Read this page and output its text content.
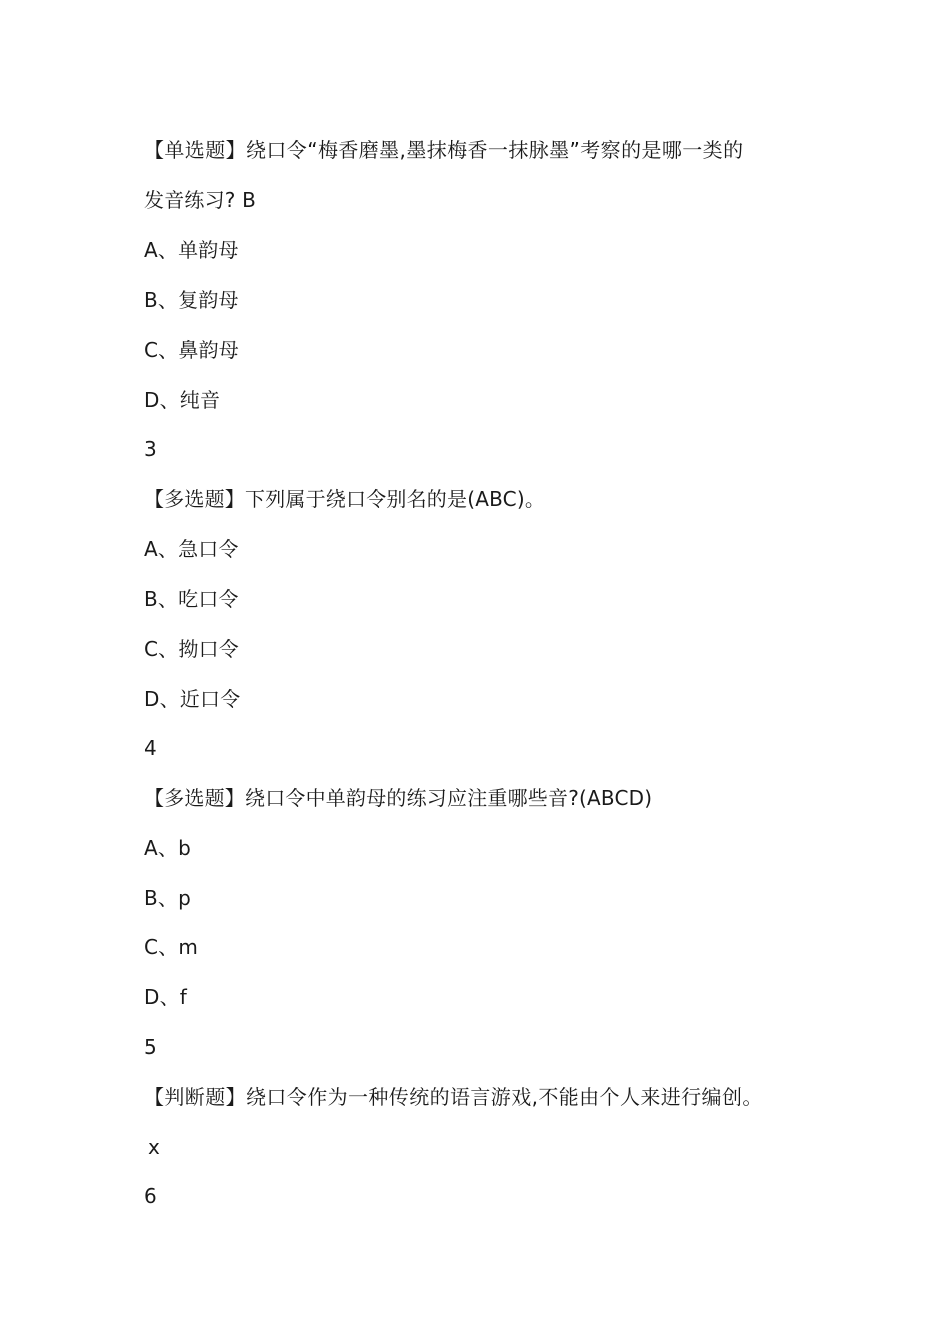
【单选题】绕口令“梅香磨墨,墨抹梅香一抹脉墨”考察的是哪一类的
发音练习? B
A、单韵母
B、复韵母
C、鼻韵母
D、纯音
3
【多选题】下列属于绕口令别名的是(ABC)。
A、急口令
B、吃口令
C、拗口令
D、近口令
4
【多选题】绕口令中单韵母的练习应注重哪些音?(ABCD)
A、b
B、p
C、m
D、f
5
【判断题】绕口令作为一种传统的语言游戏,不能由个人来进行编创。
x
6
